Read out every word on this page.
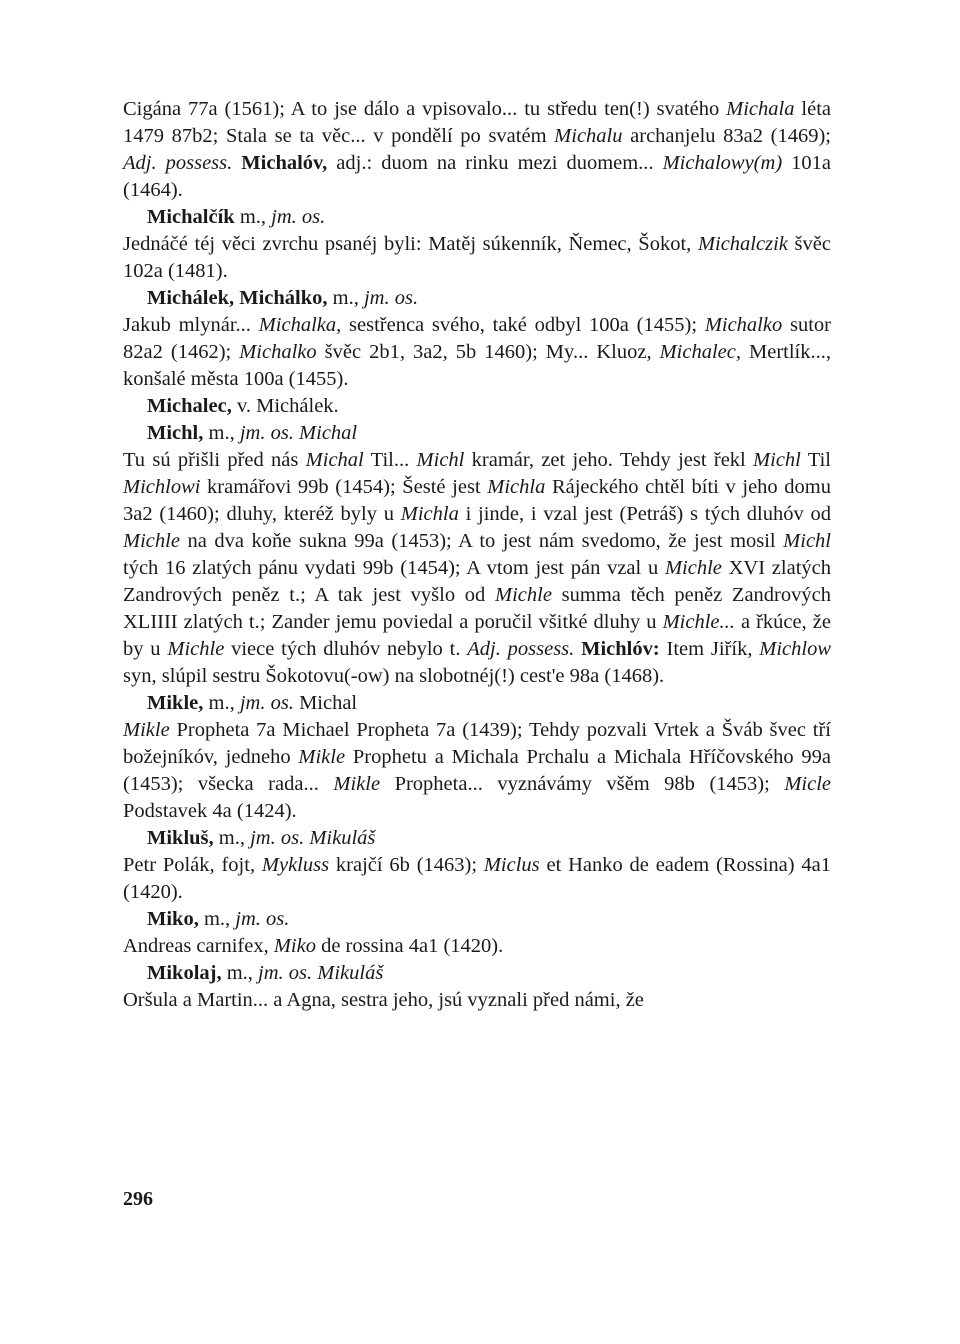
Cigána 77a (1561); A to jse dálo a vpisovalo... tu středu ten(!) svatého Michala léta 1479 87b2; Stala se ta věc... v pondělí po svatém Michalu archanjelu 83a2 (1469); Adj. possess. Michalóv, adj.: duom na rinku mezi duomem... Michalowy(m) 101a (1464).
Michalčík m., jm. os.
Jednáčé téj věci zvrchu psanéj byli: Matěj súkenník, Ňemec, Šokot, Michalczik švěc 102a (1481).
Michálek, Michálko, m., jm. os.
Jakub mlynár... Michalka, sestřenca svého, také odbyl 100a (1455); Michalko sutor 82a2 (1462); Michalko švěc 2b1, 3a2, 5b 1460); My... Kluoz, Michalec, Mertlík..., konšalé města 100a (1455).
Michalec, v. Michálek.
Michl, m., jm. os. Michal
Tu sú přišli před nás Michal Til... Michl kramár, zet jeho. Tehdy jest řekl Michl Til Michlowi kramářovi 99b (1454); Šesté jest Michla Rájeckého chtěl bíti v jeho domu 3a2 (1460); dluhy, kteréž byly u Michla i jinde, i vzal jest (Petráš) s tých dluhóv od Michle na dva koňe sukna 99a (1453); A to jest nám svedomo, že jest mosil Michl tých 16 zlatých pánu vydati 99b (1454); A vtom jest pán vzal u Michle XVI zlatých Zandrových peněz t.; A tak jest vyšlo od Michle summa těch peněz Zandrových XLIIII zlatých t.; Zander jemu poviedal a poručil všitké dluhy u Michle... a řkúce, že by u Michle viece tých dluhóv nebylo t. Adj. possess. Michlóv: Item Jiřík, Michlow syn, slúpil sestru Šokotovu(-ow) na slobotnéj(!) cest'e 98a (1468).
Mikle, m., jm. os. Michal
Mikle Propheta 7a Michael Propheta 7a (1439); Tehdy pozvali Vrtek a Šváb švec tří božejníkóv, jedneho Mikle Prophetu a Michala Prchalu a Michala Hříčovského 99a (1453); všecka rada... Mikle Propheta... vyznávámy všěm 98b (1453); Micle Podstavek 4a (1424).
Mikluš, m., jm. os. Mikuláš
Petr Polák, fojt, Mykluss krajčí 6b (1463); Miclus et Hanko de eadem (Rossina) 4a1 (1420).
Miko, m., jm. os.
Andreas carnifex, Miko de rossina 4a1 (1420).
Mikolaj, m., jm. os. Mikuláš
Oršula a Martin... a Agna, sestra jeho, jsú vyznali před námi, že
296
